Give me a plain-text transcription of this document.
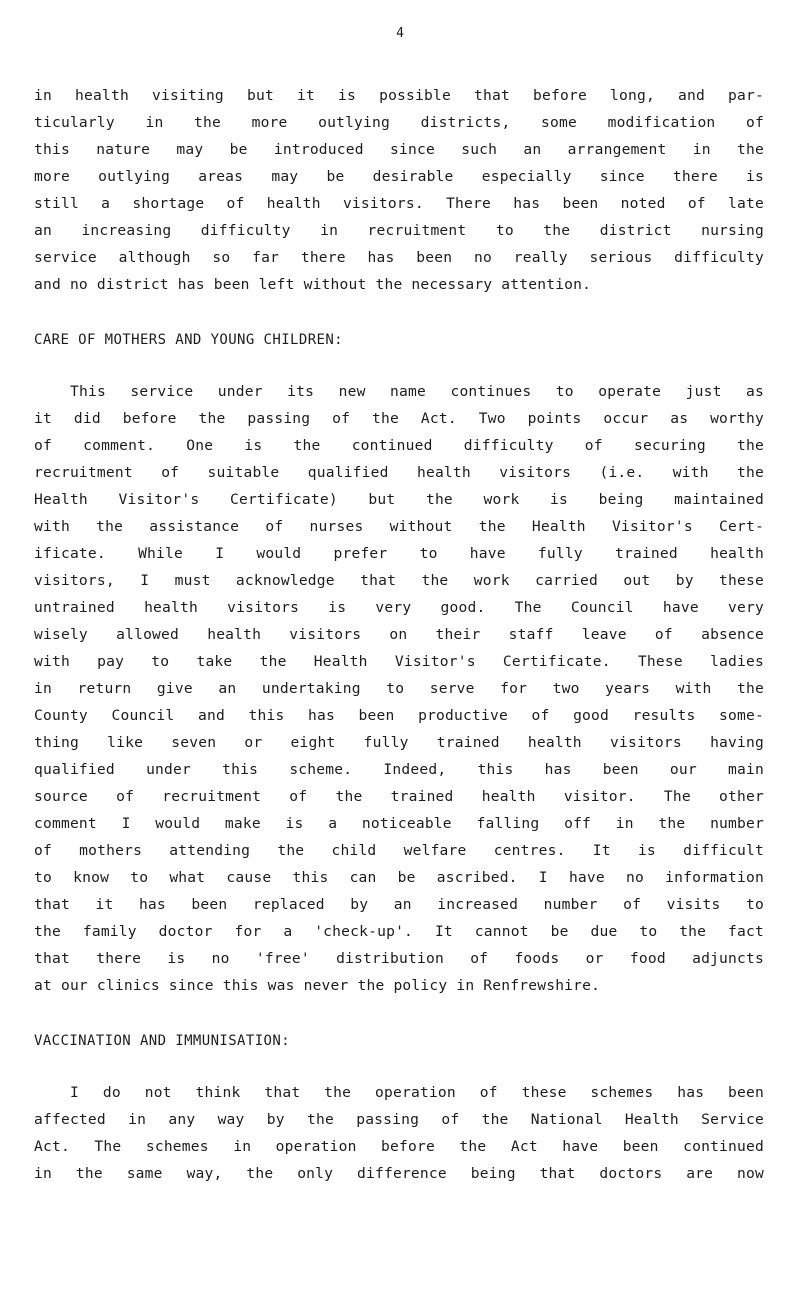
4
in health visiting but it is possible that before long, and par-
ticularly in the more outlying districts, some modification of
this nature may be introduced since such an arrangement in the
more outlying areas may be desirable especially since there is
still a shortage of health visitors. There has been noted of late
an increasing difficulty in recruitment to the district nursing
service although so far there has been no really serious difficulty
and no district has been left without the necessary attention.
CARE OF MOTHERS AND YOUNG CHILDREN:
This service under its new name continues to operate just as
it did before the passing of the Act. Two points occur as worthy
of comment. One is the continued difficulty of securing the
recruitment of suitable qualified health visitors (i.e. with the
Health Visitor's Certificate) but the work is being maintained
with the assistance of nurses without the Health Visitor's Cert-
ificate. While I would prefer to have fully trained health
visitors, I must acknowledge that the work carried out by these
untrained health visitors is very good. The Council have very
wisely allowed health visitors on their staff leave of absence
with pay to take the Health Visitor's Certificate. These ladies
in return give an undertaking to serve for two years with the
County Council and this has been productive of good results some-
thing like seven or eight fully trained health visitors having
qualified under this scheme. Indeed, this has been our main
source of recruitment of the trained health visitor. The other
comment I would make is a noticeable falling off in the number
of mothers attending the child welfare centres. It is difficult
to know to what cause this can be ascribed. I have no information
that it has been replaced by an increased number of visits to
the family doctor for a 'check-up'. It cannot be due to the fact
that there is no 'free' distribution of foods or food adjuncts
at our clinics since this was never the policy in Renfrewshire.
VACCINATION AND IMMUNISATION:
I do not think that the operation of these schemes has been
affected in any way by the passing of the National Health Service
Act. The schemes in operation before the Act have been continued
in the same way, the only difference being that doctors are now
